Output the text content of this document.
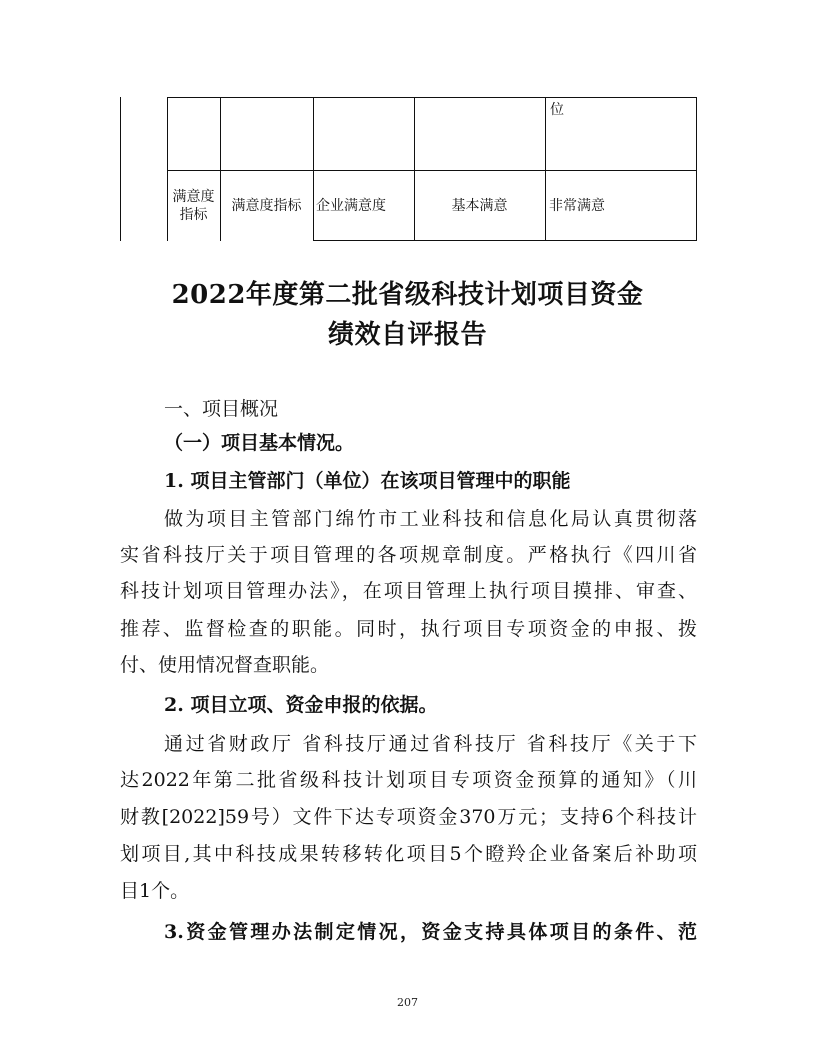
位
满意度
指标
满意度指标 企业满意度	基本满意	非常满意
2022年度第二批省级科技计划项目资金
绩效自评报告
一、项目概况
（一）项目基本情况。
1. 项目主管部门（单位）在该项目管理中的职能
做为项目主管部门绵竹市工业科技和信息化局认真贯彻落
实省科技厅关于项目管理的各项规章制度。严格执行《四川省
科技计划项目管理办法》，在项目管理上执行项目摸排、审查、
推荐、监督检查的职能。同时，执行项目专项资金的申报、拨
付、使用情况督查职能。
2. 项目立项、资金申报的依据。
通过省财政厅 省科技厅通过省科技厅 省科技厅《关于下
达2022年第二批省级科技计划项目专项资金预算的通知》（川
财教[2022]59号）文件下达专项资金370万元；支持6个科技计
划项目,其中科技成果转移转化项目5个瞪羚企业备案后补助项
目1个。
3.资金管理办法制定情况，资金支持具体项目的条件、范
207
